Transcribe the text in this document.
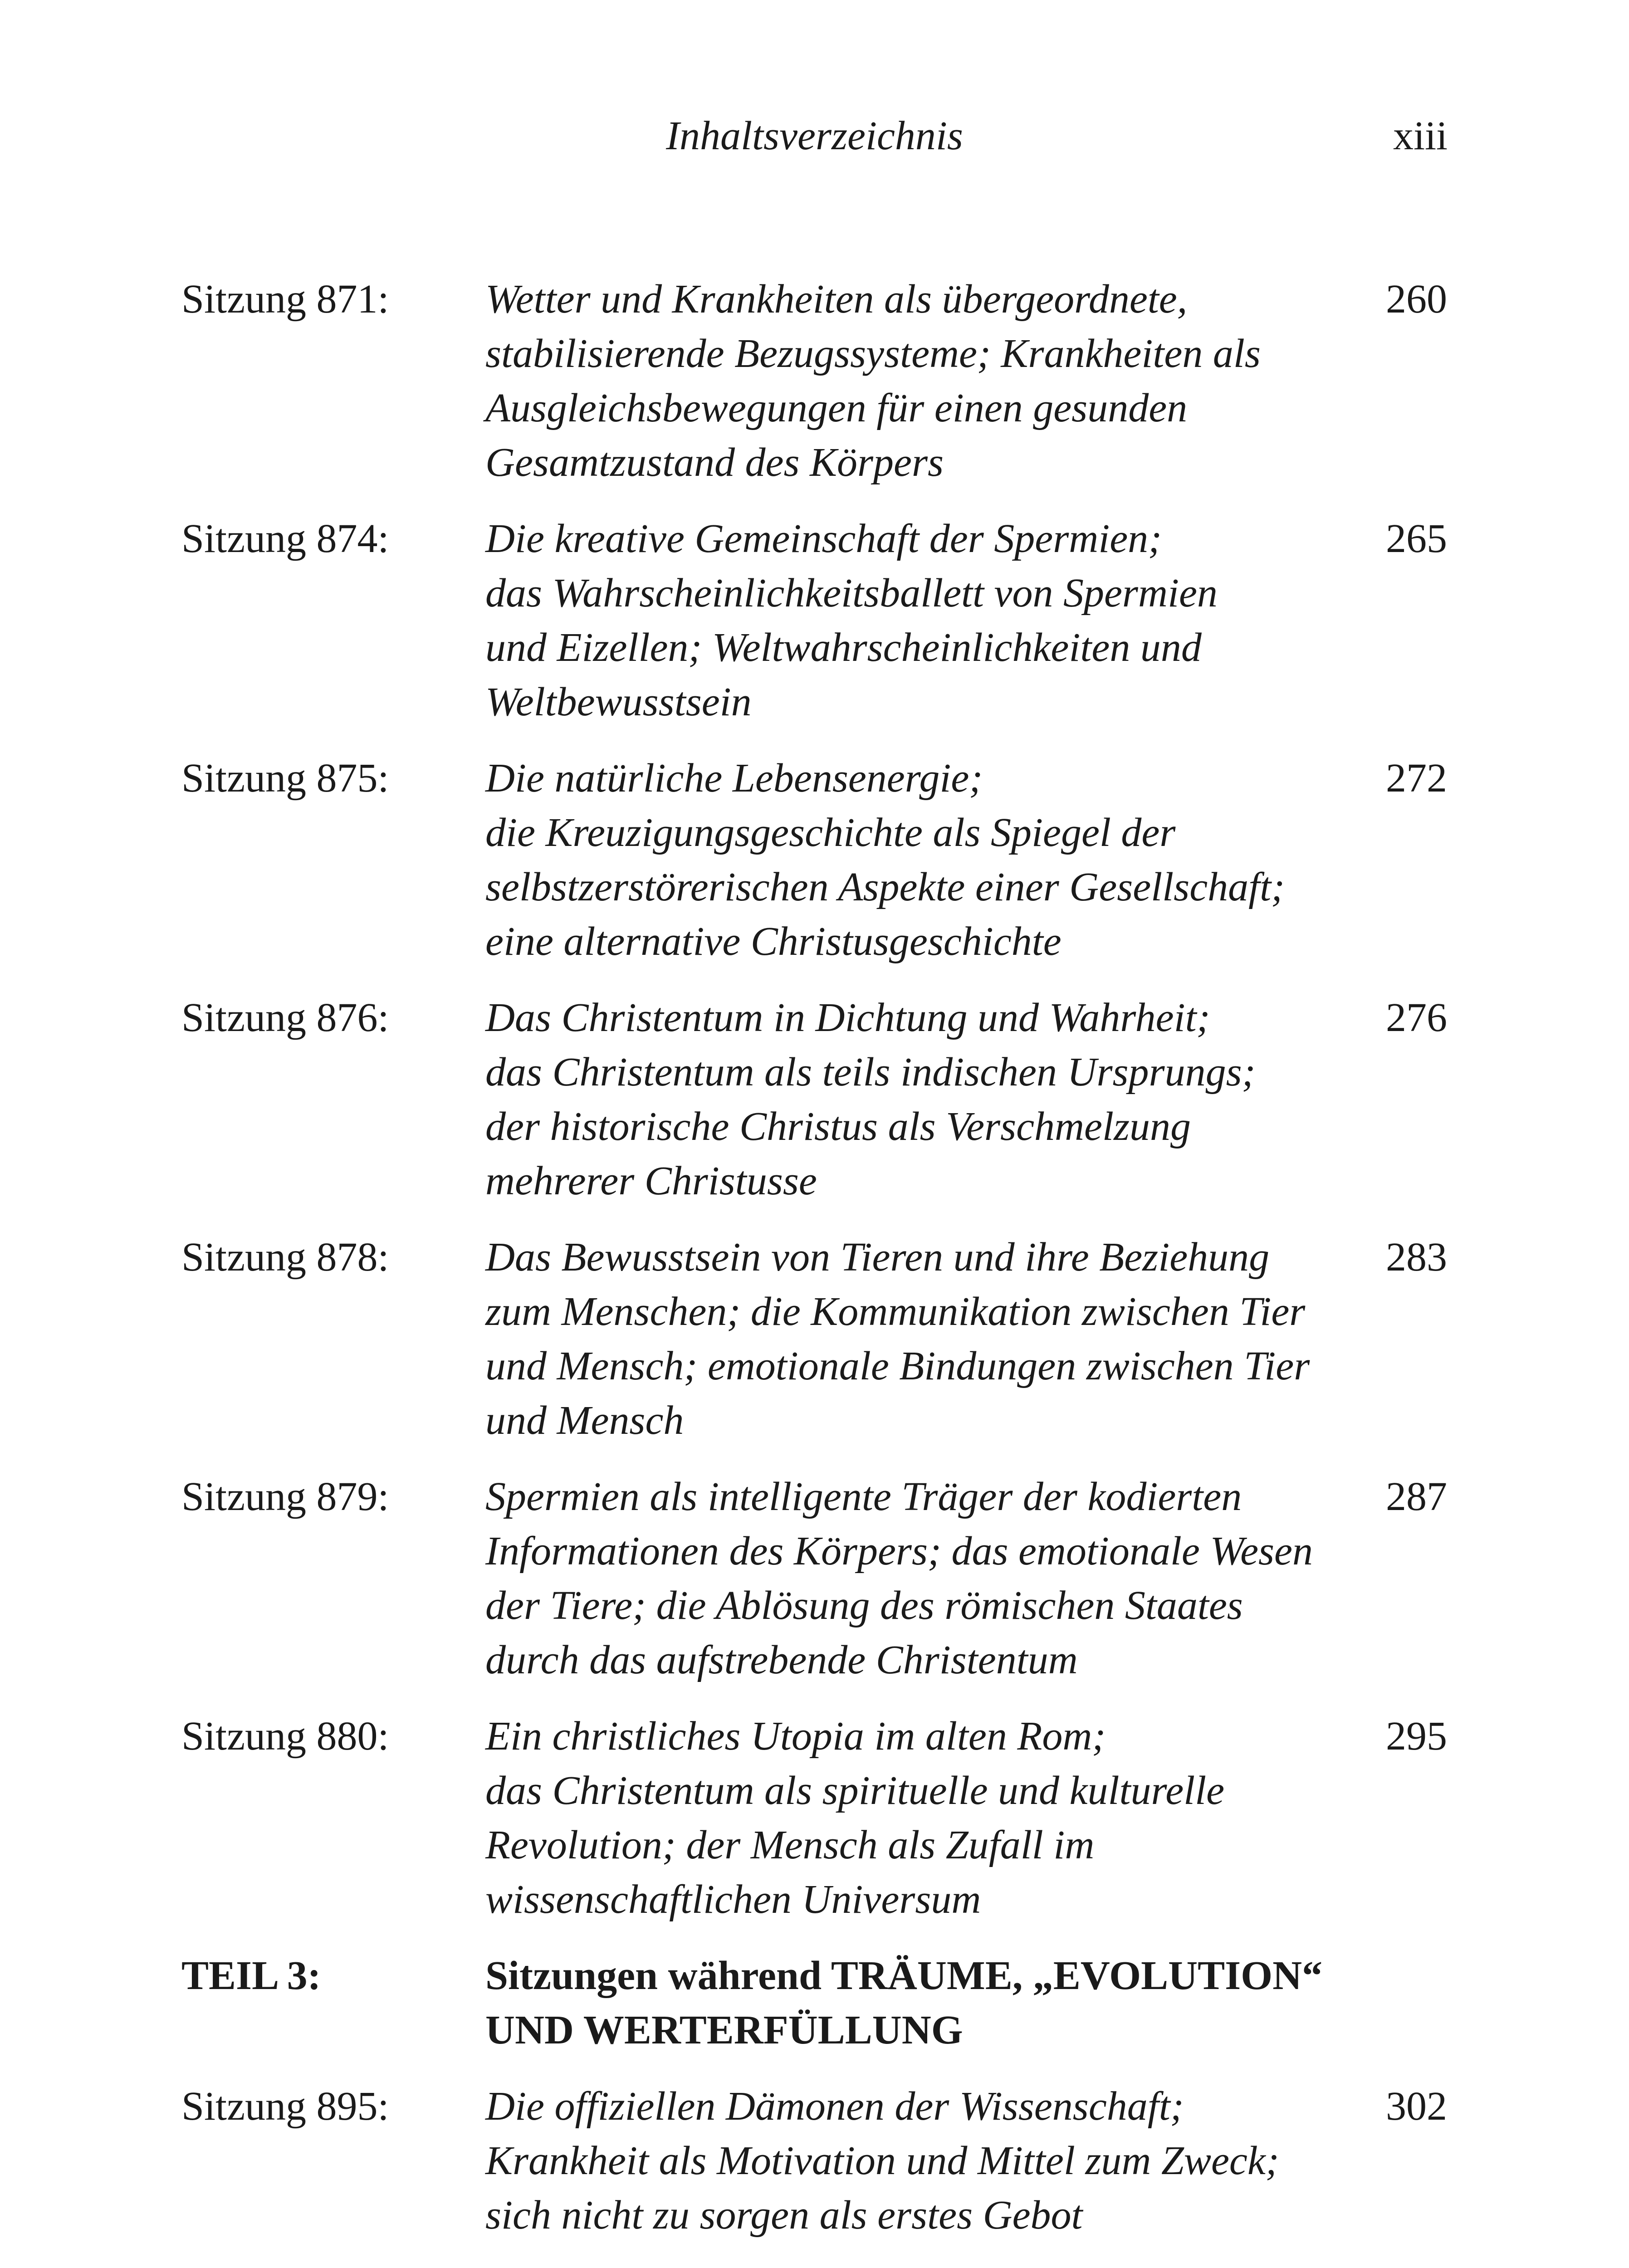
Inhaltsverzeichnis	xiii
Sitzung 871: Wetter und Krankheiten als übergeordnete,
stabilisierende Bezugssysteme; Krankheiten als
Ausgleichsbewegungen für einen gesunden
Gesamtzustand des Körpers
260
Sitzung 874: Die kreative Gemeinschaft der Spermien;
das Wahrscheinlichkeitsballett von Spermien
und Eizellen; Weltwahrscheinlichkeiten und
Weltbewusstsein
265
Sitzung 875: Die natürliche Lebensenergie;
die Kreuzigungsgeschichte als Spiegel der
selbstzerstörerischen Aspekte einer Gesellschaft;
eine alternative Christusgeschichte
272
Sitzung 876: Das Christentum in Dichtung und Wahrheit;
das Christentum als teils indischen Ursprungs;
der historische Christus als Verschmelzung
mehrerer Christusse
276
Sitzung 878: Das Bewusstsein von Tieren und ihre Beziehung
zum Menschen; die Kommunikation zwischen Tier
und Mensch; emotionale Bindungen zwischen Tier
und Mensch
283
Sitzung 879: Spermien als intelligente Träger der kodierten
Informationen des Körpers; das emotionale Wesen
der Tiere; die Ablösung des römischen Staates
durch das aufstrebende Christentum
287
Sitzung 880: Ein christliches Utopia im alten Rom;
das Christentum als spirituelle und kulturelle
Revolution; der Mensch als Zufall im
wissenschaftlichen Universum
295
TEIL 3:	Sitzungen während TRÄUME, „EVOLUTION“
UND WERTERFÜLLUNG
Sitzung 895: Die offiziellen Dämonen der Wissenschaft;
Krankheit als Motivation und Mittel zum Zweck;
sich nicht zu sorgen als erstes Gebot
302
